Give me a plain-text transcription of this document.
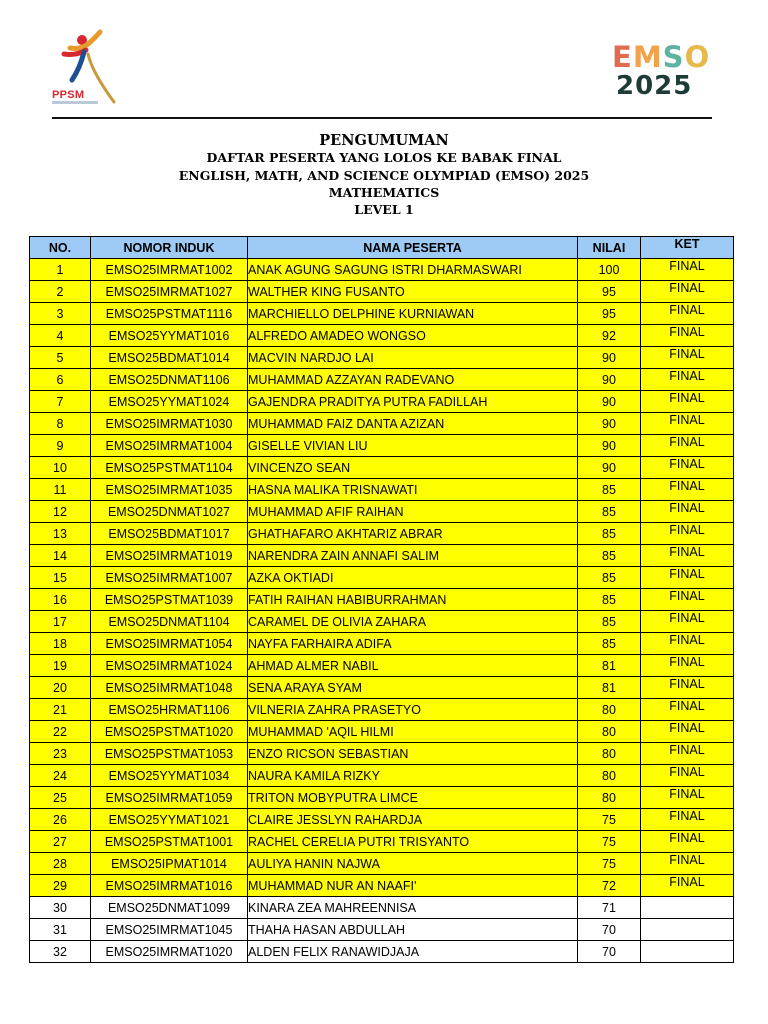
PPSM
E M S O
2025
PENGUMUMAN
DAFTAR PESERTA YANG LOLOS KE BABAK FINAL
ENGLISH, MATH, AND SCIENCE OLYMPIAD (EMSO) 2025
MATHEMATICS
LEVEL 1
NO.	NOMOR INDUK	NAMA PESERTA	NILAI	KET
1	EMSO25IMRMAT1002	ANAK AGUNG SAGUNG ISTRI DHARMASWARI	100	FINAL
2	EMSO25IMRMAT1027	WALTHER KING FUSANTO	95	FINAL
3	EMSO25PSTMAT1116	MARCHIELLO DELPHINE KURNIAWAN	95	FINAL
4	EMSO25YYMAT1016	ALFREDO AMADEO WONGSO	92	FINAL
5	EMSO25BDMAT1014	MACVIN NARDJO LAI	90	FINAL
6	EMSO25DNMAT1106	MUHAMMAD AZZAYAN RADEVANO	90	FINAL
7	EMSO25YYMAT1024	GAJENDRA PRADITYA PUTRA FADILLAH	90	FINAL
8	EMSO25IMRMAT1030	MUHAMMAD FAIZ DANTA AZIZAN	90	FINAL
9	EMSO25IMRMAT1004	GISELLE VIVIAN LIU	90	FINAL
10	EMSO25PSTMAT1104	VINCENZO SEAN	90	FINAL
11	EMSO25IMRMAT1035	HASNA MALIKA TRISNAWATI	85	FINAL
12	EMSO25DNMAT1027	MUHAMMAD AFIF RAIHAN	85	FINAL
13	EMSO25BDMAT1017	GHATHAFARO AKHTARIZ ABRAR	85	FINAL
14	EMSO25IMRMAT1019	NARENDRA ZAIN ANNAFI SALIM	85	FINAL
15	EMSO25IMRMAT1007	AZKA OKTIADI	85	FINAL
16	EMSO25PSTMAT1039	FATIH RAIHAN HABIBURRAHMAN	85	FINAL
17	EMSO25DNMAT1104	CARAMEL DE OLIVIA ZAHARA	85	FINAL
18	EMSO25IMRMAT1054	NAYFA FARHAIRA ADIFA	85	FINAL
19	EMSO25IMRMAT1024	AHMAD ALMER NABIL	81	FINAL
20	EMSO25IMRMAT1048	SENA ARAYA SYAM	81	FINAL
21	EMSO25HRMAT1106	VILNERIA ZAHRA PRASETYO	80	FINAL
22	EMSO25PSTMAT1020	MUHAMMAD 'AQIL HILMI	80	FINAL
23	EMSO25PSTMAT1053	ENZO RICSON SEBASTIAN	80	FINAL
24	EMSO25YYMAT1034	NAURA KAMILA RIZKY	80	FINAL
25	EMSO25IMRMAT1059	TRITON MOBYPUTRA LIMCE	80	FINAL
26	EMSO25YYMAT1021	CLAIRE JESSLYN RAHARDJA	75	FINAL
27	EMSO25PSTMAT1001	RACHEL CERELIA PUTRI TRISYANTO	75	FINAL
28	EMSO25IPMAT1014	AULIYA HANIN NAJWA	75	FINAL
29	EMSO25IMRMAT1016	MUHAMMAD NUR AN NAAFI'	72	FINAL
30	EMSO25DNMAT1099	KINARA ZEA MAHREENNISA	71	
31	EMSO25IMRMAT1045	THAHA HASAN ABDULLAH	70	
32	EMSO25IMRMAT1020	ALDEN FELIX RANAWIDJAJA	70	
